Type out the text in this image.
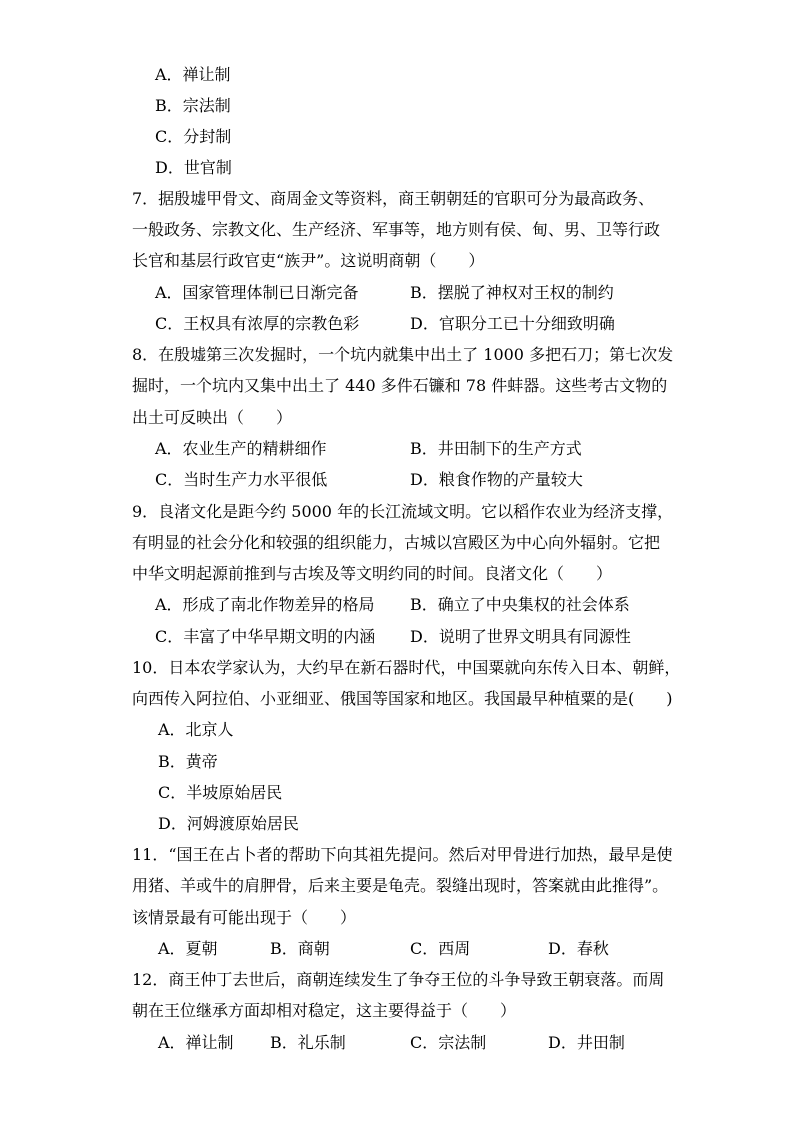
A．禅让制
B．宗法制
C．分封制
D．世官制
7．据殷墟甲骨文、商周金文等资料，商王朝朝廷的官职可分为最高政务、
一般政务、宗教文化、生产经济、军事等，地方则有侯、甸、男、卫等行政
长官和基层行政官吏“族尹”。这说明商朝（　　）
A．国家管理体制已日渐完备	B．摆脱了神权对王权的制约
C．王权具有浓厚的宗教色彩	D．官职分工已十分细致明确
8．在殷墟第三次发掘时，一个坑内就集中出土了 1000 多把石刀；第七次发
掘时，一个坑内又集中出土了 440 多件石镰和 78 件蚌器。这些考古文物的
出土可反映出（　　）
A．农业生产的精耕细作	B．井田制下的生产方式
C．当时生产力水平很低	D．粮食作物的产量较大
9．良渚文化是距今约 5000 年的长江流域文明。它以稻作农业为经济支撑，
有明显的社会分化和较强的组织能力，古城以宫殿区为中心向外辐射。它把
中华文明起源前推到与古埃及等文明约同的时间。良渚文化（　　）
A．形成了南北作物差异的格局 B．确立了中央集权的社会体系
C．丰富了中华早期文明的内涵 D．说明了世界文明具有同源性
10．日本农学家认为，大约早在新石器时代，中国粟就向东传入日本、朝鲜，
向西传入阿拉伯、小亚细亚、俄国等国家和地区。我国最早种植粟的是(　　)
A．北京人
B．黄帝
C．半坡原始居民
D．河姆渡原始居民
11．“国王在占卜者的帮助下向其祖先提问。然后对甲骨进行加热，最早是使
用猪、羊或牛的肩胛骨，后来主要是龟壳。裂缝出现时，答案就由此推得”。
该情景最有可能出现于（　　）
A．夏朝	B．商朝	C．西周	D．春秋
12．商王仲丁去世后，商朝连续发生了争夺王位的斗争导致王朝衰落。而周
朝在王位继承方面却相对稳定，这主要得益于（　　）
A．禅让制 B．礼乐制	C．宗法制	D．井田制
